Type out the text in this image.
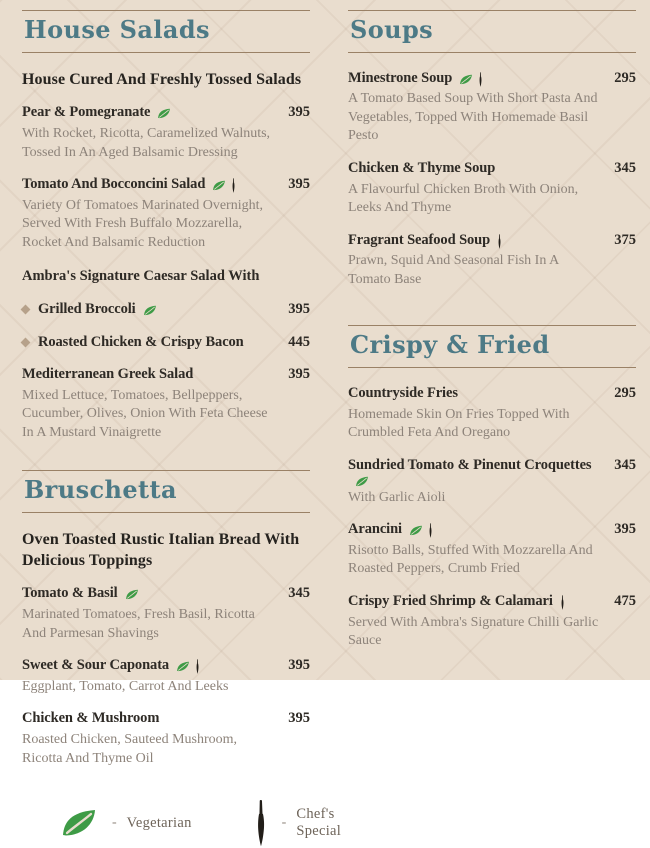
House Salads
House Cured And Freshly Tossed Salads
Pear & Pomegranate	395
With Rocket, Ricotta, Caramelized Walnuts, Tossed In An Aged Balsamic Dressing
Tomato And Bocconcini Salad	395
Variety Of Tomatoes Marinated Overnight, Served With Fresh Buffalo Mozzarella, Rocket And Balsamic Reduction
Ambra's Signature Caesar Salad With
Grilled Broccoli	395
Roasted Chicken & Crispy Bacon	445
Mediterranean Greek Salad	395
Mixed Lettuce, Tomatoes, Bellpeppers, Cucumber, Olives, Onion With Feta Cheese In A Mustard Vinaigrette
Bruschetta
Oven Toasted Rustic Italian Bread With Delicious Toppings
Tomato & Basil	345
Marinated Tomatoes, Fresh Basil, Ricotta And Parmesan Shavings
Sweet & Sour Caponata	395
Eggplant, Tomato, Carrot And Leeks
Chicken & Mushroom	395
Roasted Chicken, Sauteed Mushroom, Ricotta And Thyme Oil
- Vegetarian	-
Chef's Special
Soups
Minestrone Soup	295
A Tomato Based Soup With Short Pasta And Vegetables, Topped With Homemade Basil Pesto
Chicken & Thyme Soup	345
A Flavourful Chicken Broth With Onion, Leeks And Thyme
Fragrant Seafood Soup	375
Prawn, Squid And Seasonal Fish In A Tomato Base
Crispy & Fried
Countryside Fries	295
Homemade Skin On Fries Topped With Crumbled Feta And Oregano
Sundried Tomato & Pinenut Croquettes	345
With Garlic Aioli
Arancini	395
Risotto Balls, Stuffed With Mozzarella And Roasted Peppers, Crumb Fried
Crispy Fried Shrimp & Calamari	475
Served With Ambra's Signature Chilli Garlic Sauce
